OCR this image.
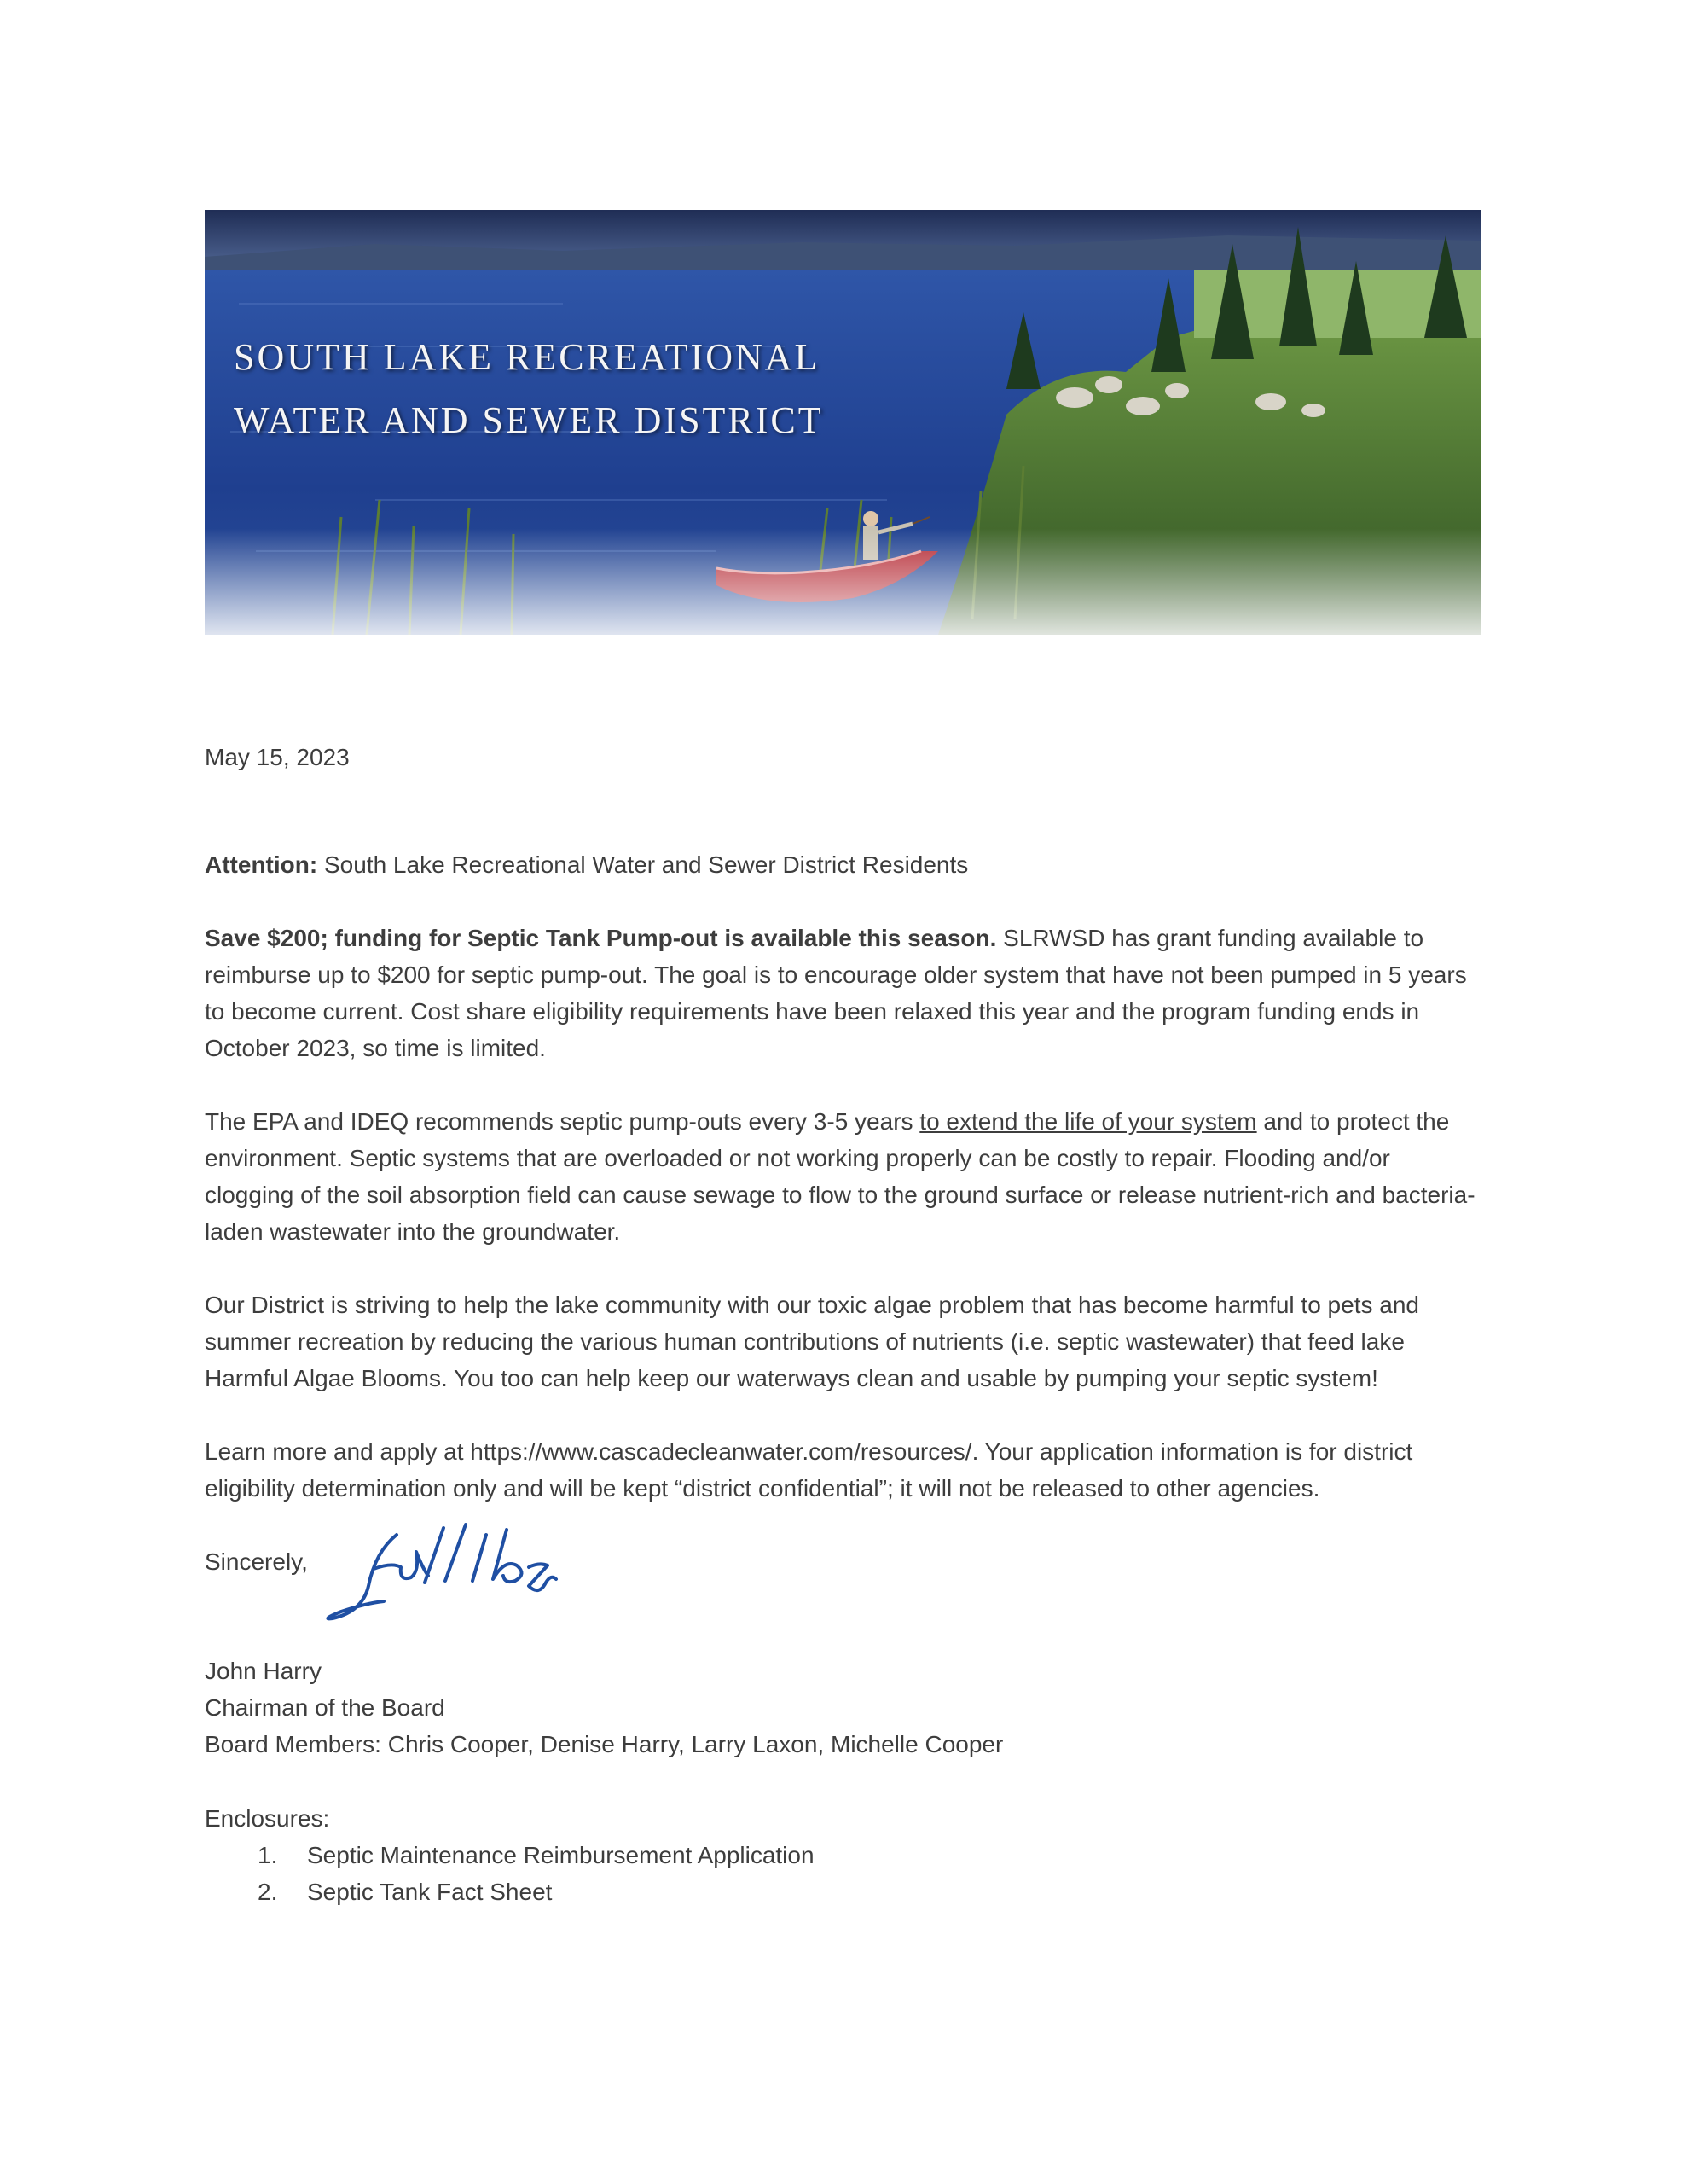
SOUTH LAKE RECREATIONAL
WATER AND SEWER DISTRICT
May 15, 2023
Attention: South Lake Recreational Water and Sewer District Residents
Save $200; funding for Septic Tank Pump-out is available this season. SLRWSD has grant funding available to reimburse up to $200 for septic pump-out. The goal is to encourage older system that have not been pumped in 5 years to become current. Cost share eligibility requirements have been relaxed this year and the program funding ends in October 2023, so time is limited.
The EPA and IDEQ recommends septic pump-outs every 3-5 years to extend the life of your system and to protect the environment. Septic systems that are overloaded or not working properly can be costly to repair. Flooding and/or clogging of the soil absorption field can cause sewage to flow to the ground surface or release nutrient-rich and bacteria-laden wastewater into the groundwater.
Our District is striving to help the lake community with our toxic algae problem that has become harmful to pets and summer recreation by reducing the various human contributions of nutrients (i.e. septic wastewater) that feed lake Harmful Algae Blooms. You too can help keep our waterways clean and usable by pumping your septic system!
Learn more and apply at https://www.cascadecleanwater.com/resources/. Your application information is for district eligibility determination only and will be kept “district confidential”; it will not be released to other agencies.
Sincerely,
John Harry
Chairman of the Board
Board Members: Chris Cooper, Denise Harry, Larry Laxon, Michelle Cooper
Enclosures:
1. Septic Maintenance Reimbursement Application
2. Septic Tank Fact Sheet
